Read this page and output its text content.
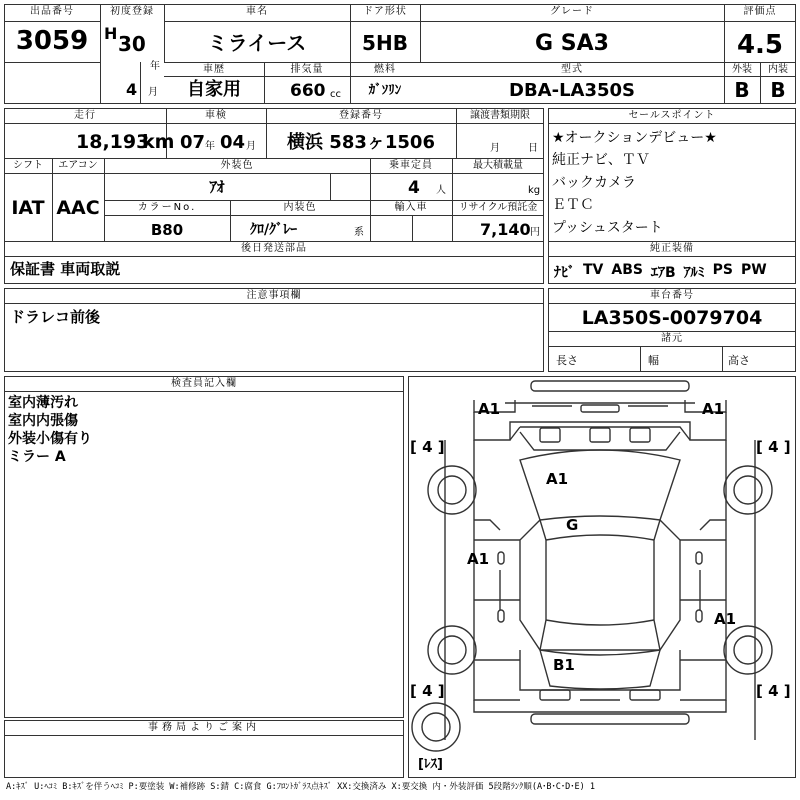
出品番号
3059
初度登録
H 30
年
4 月
車名
ミライース
ドア形状
5HB
グレード
G SA3
評価点
4.5
車歴
自家用
排気量
660 cc
燃料
ｶﾞｿﾘﾝ
型式
DBA-LA350S
外装	内装
B	B
走行
18,193
km
車検
07 年 04 月
登録番号
横浜 583ヶ1506
譲渡書類期限
月	日
シフト
IAT
エアコン
AAC
外装色
ｱｵ
乗車定員
4 人
最大積載量
kg
カラーNo.
B80
内装色
ｸﾛ/ｸﾞﾚｰ	系
輸入車	リサイクル預託金
7,140 円
後日発送部品
保証書 車両取説
セールスポイント
★オークションデビュー★
純正ナビ、ＴＶ
バックカメラ
ＥＴＣ
プッシュスタート
純正装備
ﾅﾋﾞ TV ABS ｴｱB ｱﾙﾐ PS PW
注意事項欄
ドラレコ前後
車台番号
LA350S-0079704
諸元
長さ	幅	高さ
検査員記入欄
室内薄汚れ
室内内張傷
外装小傷有り
ミラー A
事務局よりご案内
A1	A1
A1
G
A1
A1
B1
[ 4 ]	[ 4 ]
[ 4 ]	[ 4 ]
[ﾚｽ]
A:ｷｽﾞ U:ﾍｺﾐ B:ｷｽﾞを伴うﾍｺﾐ P:要塗装 W:補修跡 S:錆 C:腐食 G:ﾌﾛﾝﾄｶﾞﾗｽ点ｷｽﾞ XX:交換済み X:要交換 内・外装評価 5段階ﾗﾝｸ順(A･B･C･D･E) 1
